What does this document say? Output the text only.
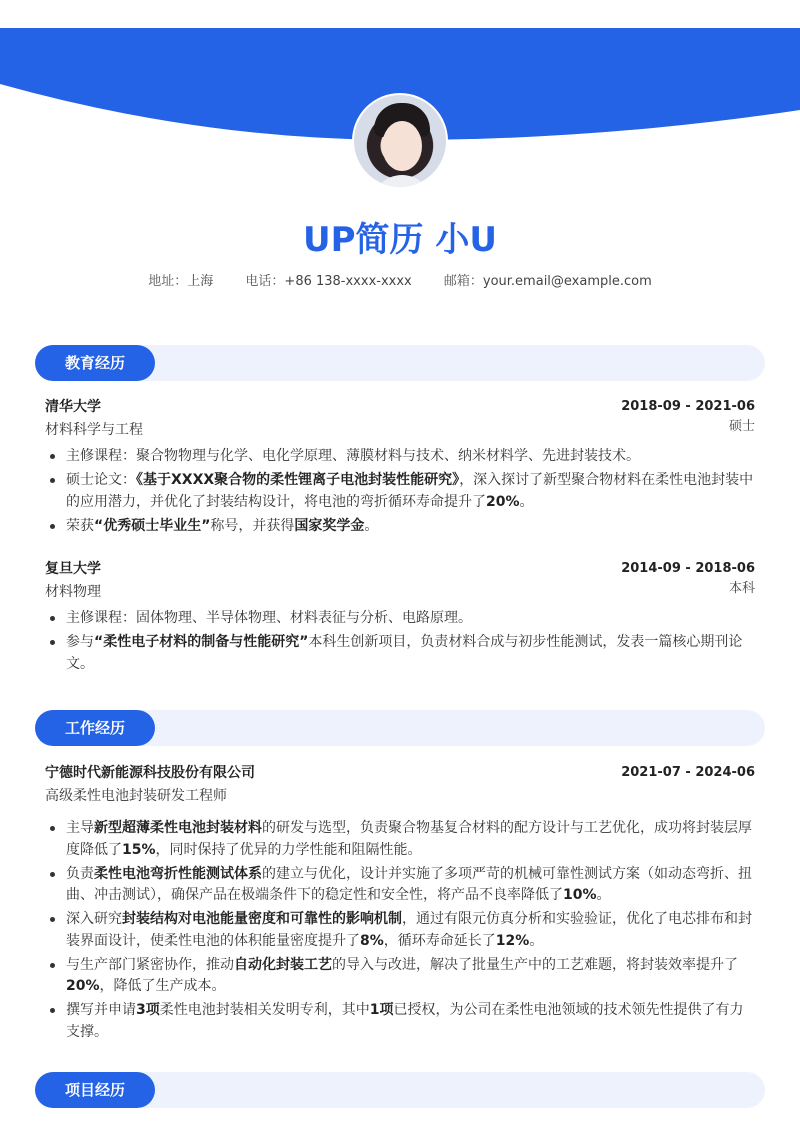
UP简历 小U
地址：上海 电话：+86 138-xxxx-xxxx 邮箱：your.email@example.com
教育经历
清华大学	2018-09 - 2021-06
材料科学与工程	硕士
主修课程：聚合物物理与化学、电化学原理、薄膜材料与技术、纳米材料学、先进封装技术。
硕士论文：《基于XXXX聚合物的柔性锂离子电池封装性能研究》，深入探讨了新型聚合物材料在柔性电池封装中的应用潜力，并优化了封装结构设计，将电池的弯折循环寿命提升了20%。
荣获“优秀硕士毕业生”称号，并获得国家奖学金。
复旦大学	2014-09 - 2018-06
材料物理	本科
主修课程：固体物理、半导体物理、材料表征与分析、电路原理。
参与“柔性电子材料的制备与性能研究”本科生创新项目，负责材料合成与初步性能测试，发表一篇核心期刊论文。
工作经历
宁德时代新能源科技股份有限公司	2021-07 - 2024-06
高级柔性电池封装研发工程师
主导新型超薄柔性电池封装材料的研发与选型，负责聚合物基复合材料的配方设计与工艺优化，成功将封装层厚度降低了15%，同时保持了优异的力学性能和阻隔性能。
负责柔性电池弯折性能测试体系的建立与优化，设计并实施了多项严苛的机械可靠性测试方案（如动态弯折、扭曲、冲击测试），确保产品在极端条件下的稳定性和安全性，将产品不良率降低了10%。
深入研究封装结构对电池能量密度和可靠性的影响机制，通过有限元仿真分析和实验验证，优化了电芯排布和封装界面设计，使柔性电池的体积能量密度提升了8%，循环寿命延长了12%。
与生产部门紧密协作，推动自动化封装工艺的导入与改进，解决了批量生产中的工艺难题，将封装效率提升了20%，降低了生产成本。
撰写并申请3项柔性电池封装相关发明专利，其中1项已授权，为公司在柔性电池领域的技术领先性提供了有力支撑。
项目经历
